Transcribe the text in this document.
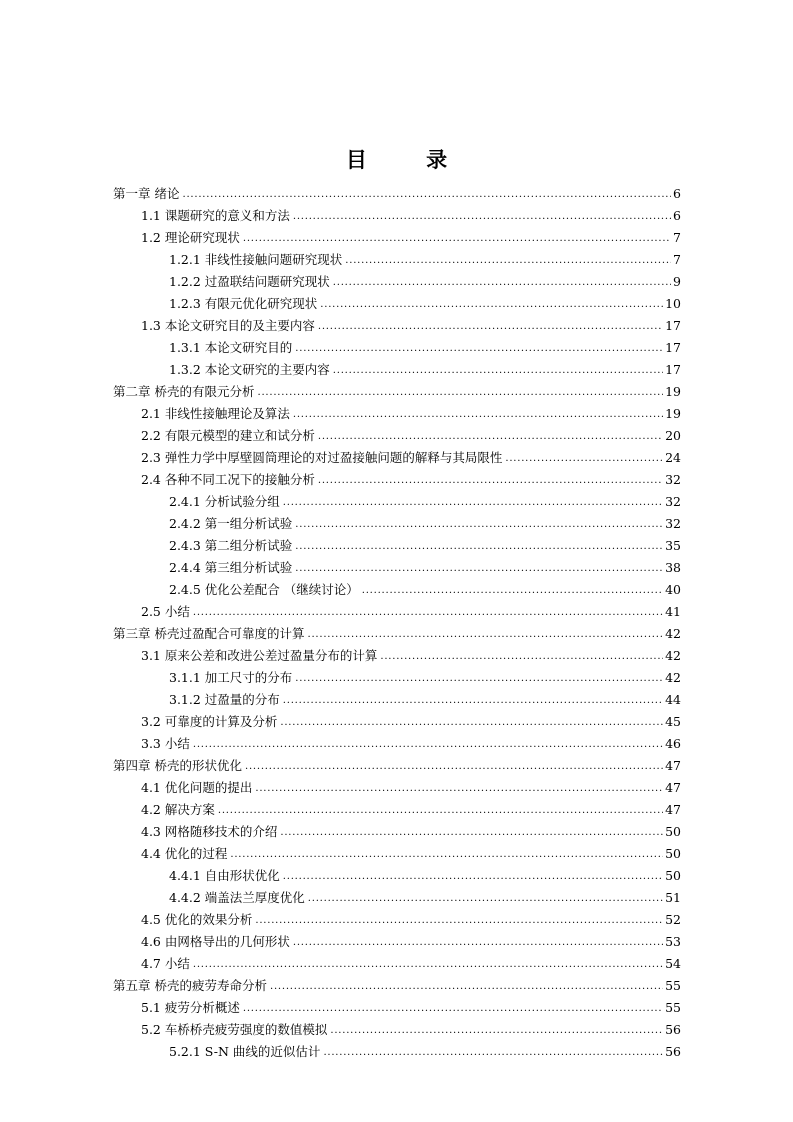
目 录
第一章 绪论 . . .	6
1.1 课题研究的意义和方法 . . .	6
1.2 理论研究现状 . . .	7
1.2.1 非线性接触问题研究现状 . . .	7
1.2.2 过盈联结问题研究现状 . . .	9
1.2.3 有限元优化研究现状 . . .	10
1.3 本论文研究目的及主要内容 . . .	17
1.3.1 本论文研究目的 . . .	17
1.3.2 本论文研究的主要内容 . . .	17
第二章 桥壳的有限元分析 . . .	19
2.1 非线性接触理论及算法 . . .	19
2.2 有限元模型的建立和试分析 . . .	20
2.3 弹性力学中厚壁圆筒理论的对过盈接触问题的解释与其局限性 . . .	24
2.4 各种不同工况下的接触分析 . . .	32
2.4.1 分析试验分组 . . .	32
2.4.2 第一组分析试验 . . .	32
2.4.3 第二组分析试验 . . .	35
2.4.4 第三组分析试验 . . .	38
2.4.5 优化公差配合 （继续讨论） . . .	40
2.5 小结 . . .	41
第三章 桥壳过盈配合可靠度的计算 . . .	42
3.1 原来公差和改进公差过盈量分布的计算 . . .	42
3.1.1 加工尺寸的分布 . . .	42
3.1.2 过盈量的分布 . . .	44
3.2 可靠度的计算及分析 . . .	45
3.3 小结 . . .	46
第四章 桥壳的形状优化 . . .	47
4.1 优化问题的提出 . . .	47
4.2 解决方案 . . .	47
4.3 网格随移技术的介绍 . . .	50
4.4 优化的过程 . . .	50
4.4.1 自由形状优化 . . .	50
4.4.2 端盖法兰厚度优化 . . .	51
4.5 优化的效果分析 . . .	52
4.6 由网格导出的几何形状 . . .	53
4.7 小结 . . .	54
第五章 桥壳的疲劳寿命分析 . . .	55
5.1 疲劳分析概述 . . .	55
5.2 车桥桥壳疲劳强度的数值模拟 . . .	56
5.2.1 S-N 曲线的近似估计 . . .	56
